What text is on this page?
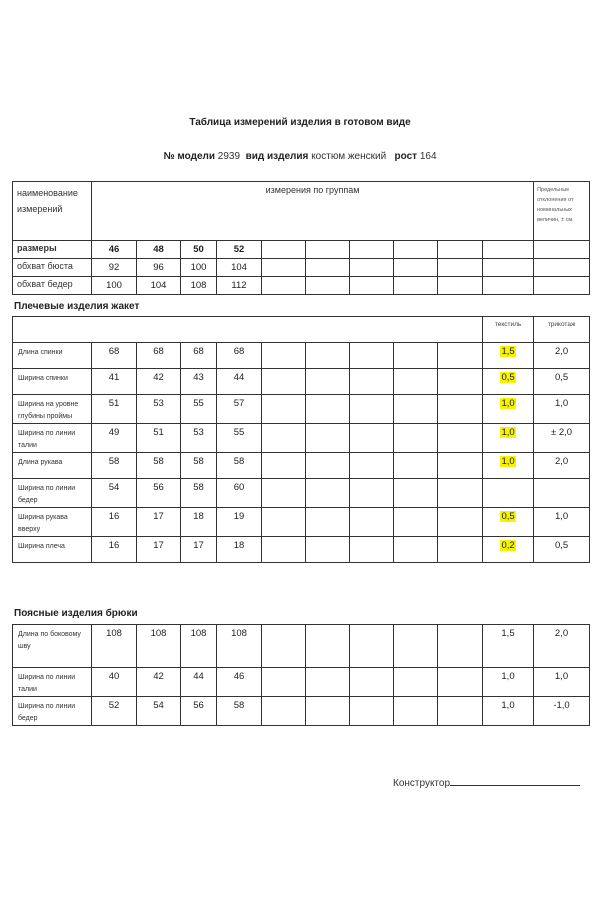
Таблица измерений изделия в готовом виде
№ модели 2939 вид изделия костюм женский рост 164
наименование измерений	измерения по группам										Предельные отклонения от номинальных величин, ± см.
размеры	46	48	50	52							
обхват бюста	92	96	100	104							
обхват бедер	100	104	108	112							
Плечевые изделия жакет
										текстиль	трикотаж
Длина спинки	68	68	68	68						1,5	2,0
Ширина спинки	41	42	43	44						0,5	0,5
Ширина на уровне глубины проймы	51	53	55	57						1,0	1,0
Ширина по линии талии	49	51	53	55						1,0	± 2,0
Длина рукава	58	58	58	58						1,0	2,0
Ширина по линии бедер	54	56	58	60							
Ширина рукава вверху	16	17	18	19						0,5	1,0
Ширина плеча	16	17	17	18						0,2	0,5
Поясные изделия брюки
Длина по боковому шву	108	108	108	108						1,5	2,0
Ширина по линии талии	40	42	44	46						1,0	1,0
Ширина по линии бедер	52	54	56	58						1,0	-1,0
Конструктор
